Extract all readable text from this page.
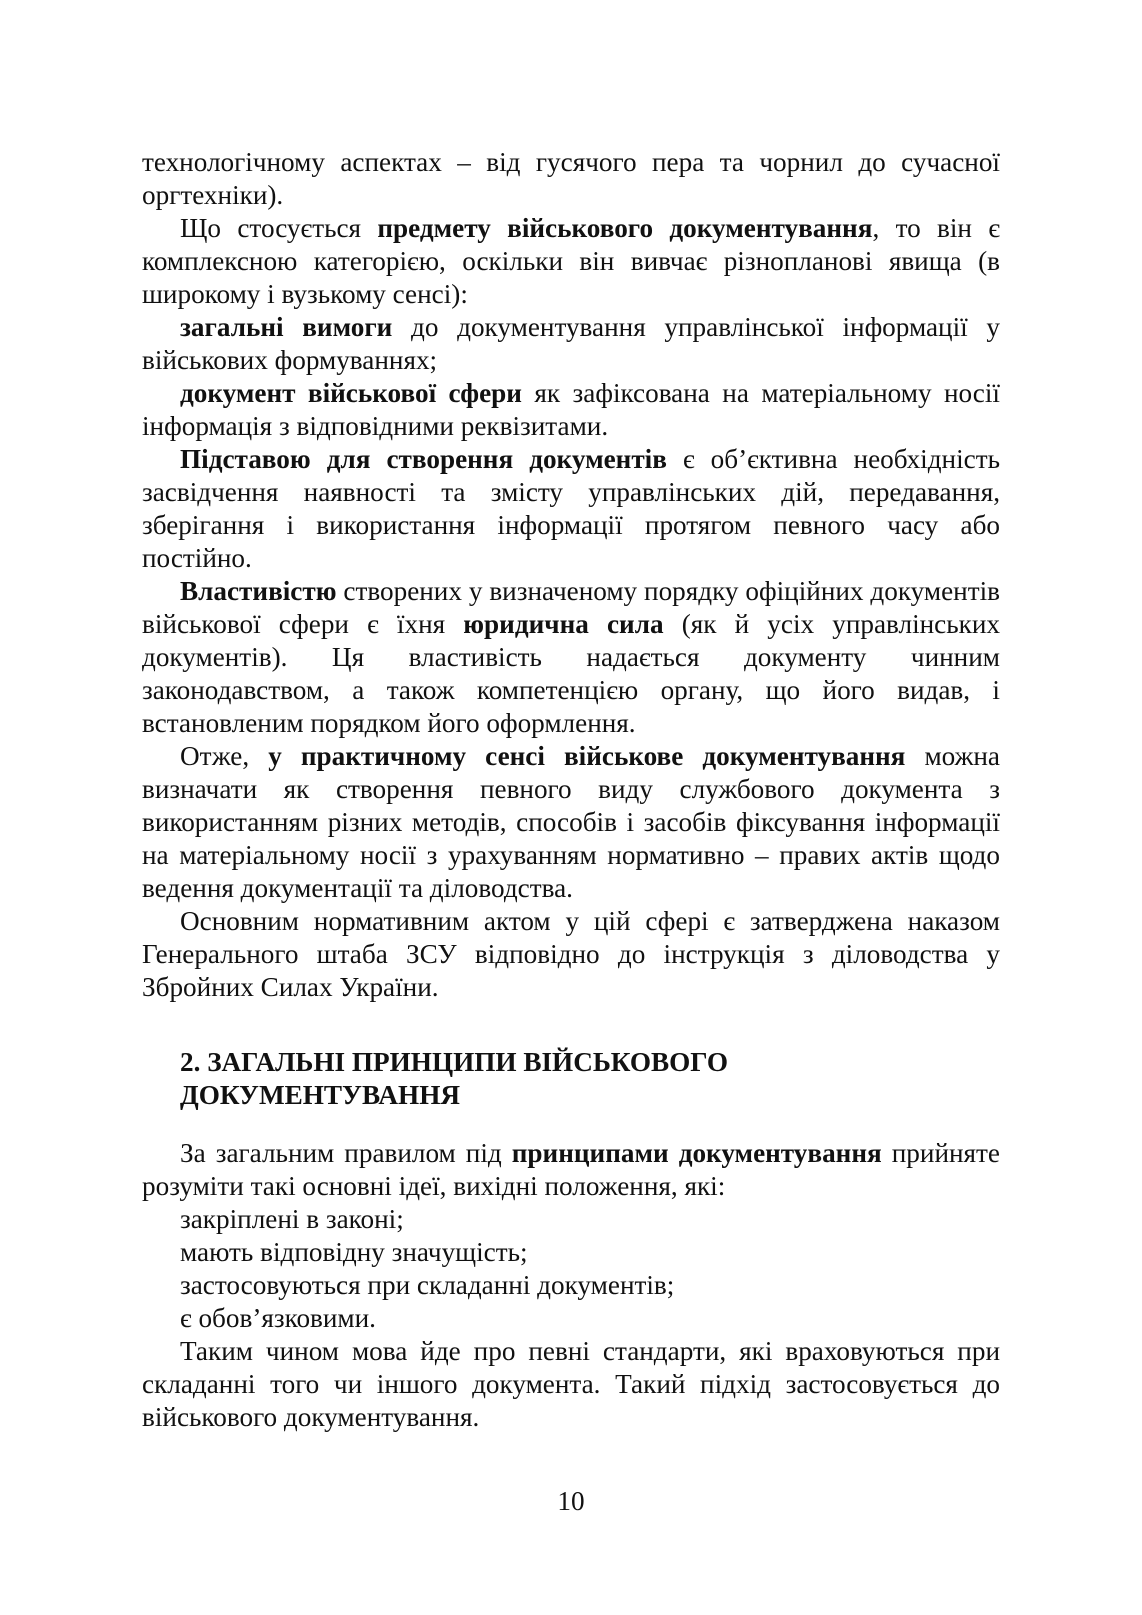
технологічному аспектах – від гусячого пера та чорнил до сучасної оргтехніки).

Що стосується предмету військового документування, то він є комплексною категорією, оскільки він вивчає різнопланові явища (в широкому і вузькому сенсі):

загальні вимоги до документування управлінської інформації у військових формуваннях;

документ військової сфери як зафіксована на матеріальному носії інформація з відповідними реквізитами.

Підставою для створення документів є об’єктивна необхідність засвідчення наявності та змісту управлінських дій, передавання, зберігання і використання інформації протягом певного часу або постійно.

Властивістю створених у визначеному порядку офіційних документів військової сфери є їхня юридична сила (як й усіх управлінських документів). Ця властивість надається документу чинним законодавством, а також компетенцією органу, що його видав, і встановленим порядком його оформлення.

Отже, у практичному сенсі військове документування можна визначати як створення певного виду службового документа з використанням різних методів, способів і засобів фіксування інформації на матеріальному носії з урахуванням нормативно – правих актів щодо ведення документації та діловодства.

Основним нормативним актом у цій сфері є затверджена наказом Генерального штаба ЗСУ відповідно до інструкція з діловодства у Збройних Силах України.

2. ЗАГАЛЬНІ ПРИНЦИПИ ВІЙСЬКОВОГО
ДОКУМЕНТУВАННЯ

За загальним правилом під принципами документування прийняте розуміти такі основні ідеї, вихідні положення, які:

закріплені в законі;

мають відповідну значущість;

застосовуються при складанні документів;

є обов’язковими.

Таким чином мова йде про певні стандарти, які враховуються при складанні того чи іншого документа. Такий підхід застосовується до військового документування.

10
